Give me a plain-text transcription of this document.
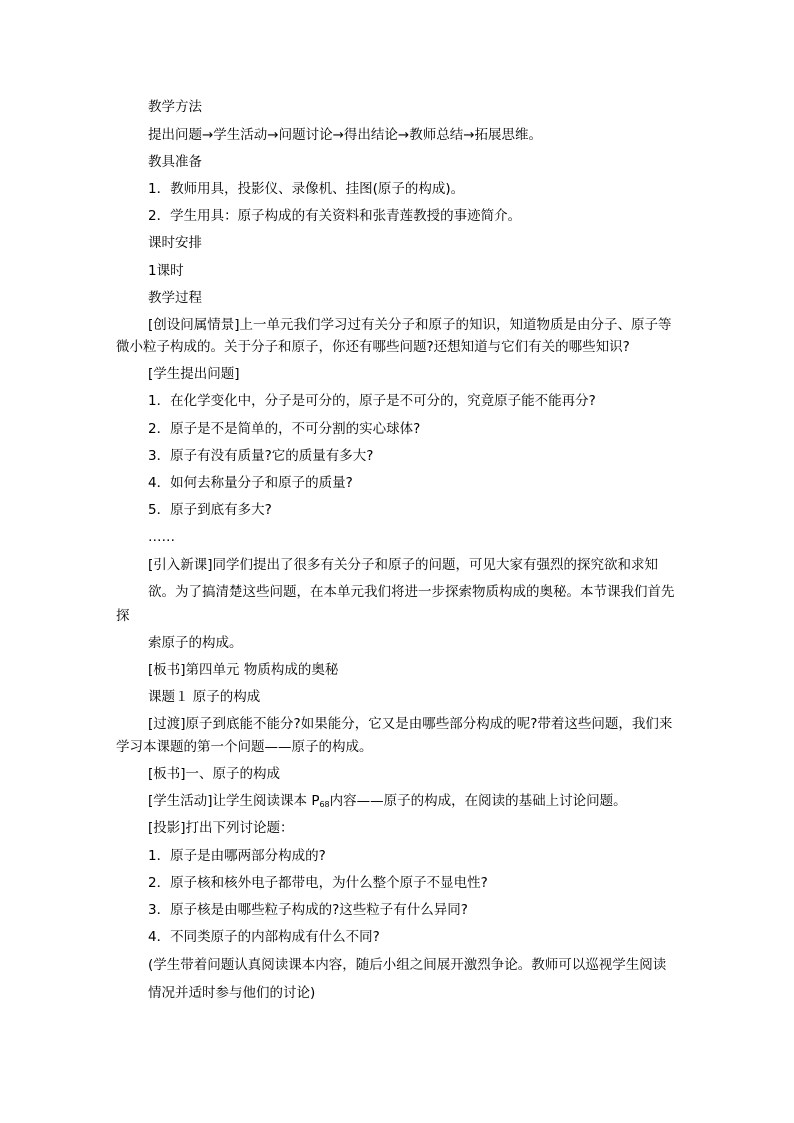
教学方法
提出问题→学生活动→问题讨论→得出结论→教师总结→拓展思维。
教具准备
1．教师用具，投影仪、录像机、挂图(原子的构成)。
2．学生用具：原子构成的有关资料和张青莲教授的事迹简介。
课时安排
1课时
教学过程
[创设问属情景]上一单元我们学习过有关分子和原子的知识，知道物质是由分子、原子等
微小粒子构成的。关于分子和原子，你还有哪些问题?还想知道与它们有关的哪些知识?
[学生提出问题]
1．在化学变化中，分子是可分的，原子是不可分的，究竟原子能不能再分?
2．原子是不是简单的，不可分割的实心球体?
3．原子有没有质量?它的质量有多大?
4．如何去称量分子和原子的质量?
5．原子到底有多大?
……
[引入新课]同学们提出了很多有关分子和原子的问题，可见大家有强烈的探究欲和求知
欲。为了搞清楚这些问题，在本单元我们将进一步探索物质构成的奥秘。本节课我们首先
探
索原子的构成。
[板书]第四单元 物质构成的奥秘
课题１ 原子的构成
[过渡]原子到底能不能分?如果能分，它又是由哪些部分构成的呢?带着这些问题，我们来
学习本课题的第一个问题——原子的构成。
[板书]一、原子的构成
[学生活动]让学生阅读课本 $P_{68}$内容——原子的构成，在阅读的基础上讨论问题。
[投影]打出下列讨论题：
1．原子是由哪两部分构成的?
2．原子核和核外电子都带电，为什么整个原子不显电性?
3．原子核是由哪些粒子构成的?这些粒子有什么异同?
4．不同类原子的内部构成有什么不同?
(学生带着问题认真阅读课本内容，随后小组之间展开激烈争论。教师可以巡视学生阅读
情况并适时参与他们的讨论)
